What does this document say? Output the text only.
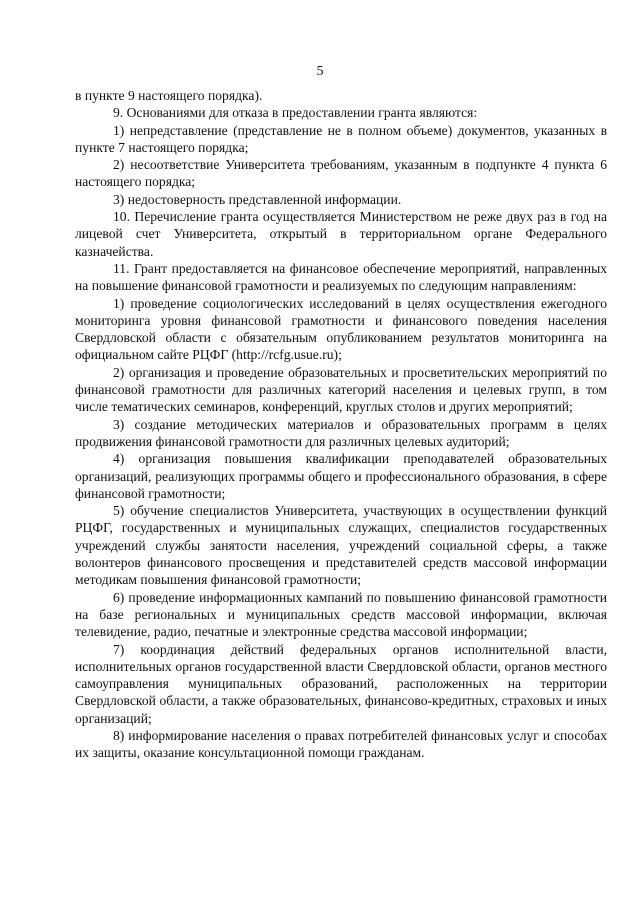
5

в пункте 9 настоящего порядка).

9. Основаниями для отказа в предоставлении гранта являются:

1) непредставление (представление не в полном объеме) документов, указанных в пункте 7 настоящего порядка;

2) несоответствие Университета требованиям, указанным в подпункте 4 пункта 6 настоящего порядка;

3) недостоверность представленной информации.

10. Перечисление гранта осуществляется Министерством не реже двух раз в год на лицевой счет Университета, открытый в территориальном органе Федерального казначейства.

11. Грант предоставляется на финансовое обеспечение мероприятий, направленных на повышение финансовой грамотности и реализуемых по следующим направлениям:

1) проведение социологических исследований в целях осуществления ежегодного мониторинга уровня финансовой грамотности и финансового поведения населения Свердловской области с обязательным опубликованием результатов мониторинга на официальном сайте РЦФГ (http://rcfg.usue.ru);

2) организация и проведение образовательных и просветительских мероприятий по финансовой грамотности для различных категорий населения и целевых групп, в том числе тематических семинаров, конференций, круглых столов и других мероприятий;

3) создание методических материалов и образовательных программ в целях продвижения финансовой грамотности для различных целевых аудиторий;

4) организация повышения квалификации преподавателей образовательных организаций, реализующих программы общего и профессионального образования, в сфере финансовой грамотности;

5) обучение специалистов Университета, участвующих в осуществлении функций РЦФГ, государственных и муниципальных служащих, специалистов государственных учреждений службы занятости населения, учреждений социальной сферы, а также волонтеров финансового просвещения и представителей средств массовой информации методикам повышения финансовой грамотности;

6) проведение информационных кампаний по повышению финансовой грамотности на базе региональных и муниципальных средств массовой информации, включая телевидение, радио, печатные и электронные средства массовой информации;

7) координация действий федеральных органов исполнительной власти, исполнительных органов государственной власти Свердловской области, органов местного самоуправления муниципальных образований, расположенных на территории Свердловской области, а также образовательных, финансово-кредитных, страховых и иных организаций;

8) информирование населения о правах потребителей финансовых услуг и способах их защиты, оказание консультационной помощи гражданам.
